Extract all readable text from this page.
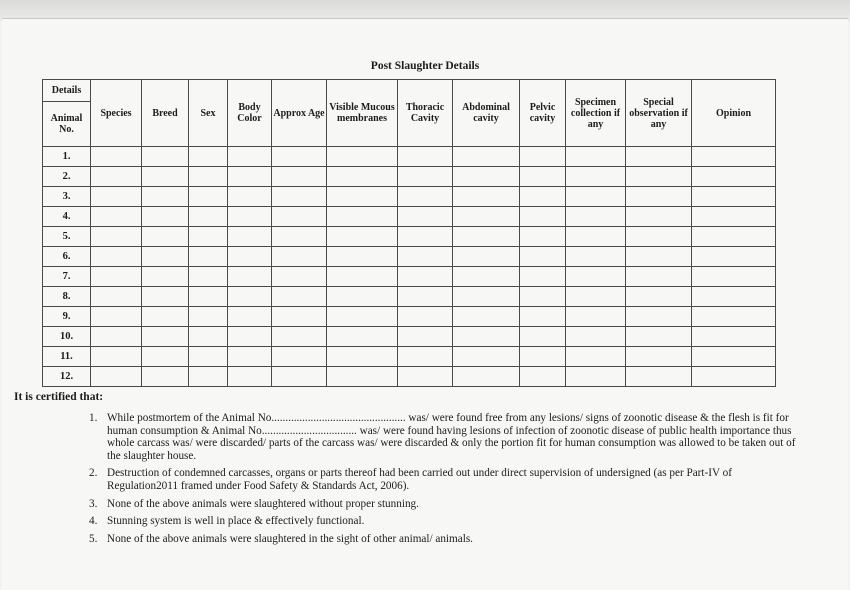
Post Slaughter Details
Details	Species	Breed	Sex	Body Color	Approx Age	Visible Mucous membranes	Thoracic Cavity	Abdominal cavity	Pelvic cavity	Specimen collection if any	Special observation if any	Opinion
Animal No.												
1.												
2.												
3.												
4.												
5.												
6.												
7.												
8.												
9.												
10.												
11.												
12.												
It is certified that:
1. While postmortem of the Animal No................................................ was/ were found free from any lesions/ signs of zoonotic disease & the flesh is fit for human consumption & Animal No.................................. was/ were found having lesions of infection of zoonotic disease of public health importance thus whole carcass was/ were discarded/ parts of the carcass was/ were discarded & only the portion fit for human consumption was allowed to be taken out of the slaughter house.
2. Destruction of condemned carcasses, organs or parts thereof had been carried out under direct supervision of undersigned (as per Part-IV of Regulation2011 framed under Food Safety & Standards Act, 2006).
3. None of the above animals were slaughtered without proper stunning.
4. Stunning system is well in place & effectively functional.
5. None of the above animals were slaughtered in the sight of other animal/ animals.
